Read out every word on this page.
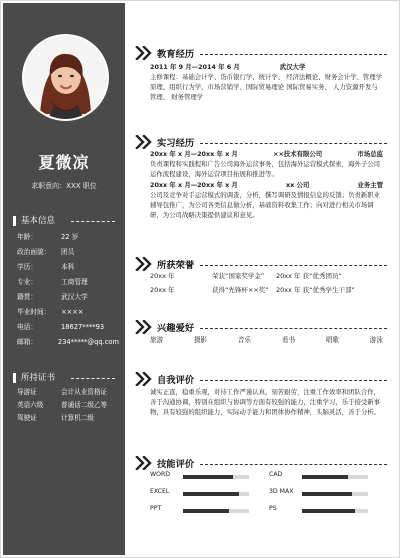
夏微凉
求职意向：XXX 职位
基本信息
年龄：	22 岁
政治面貌：	团员
学历：	本科
专业：	工商管理
籍贯：	武汉大学
毕业时间：	××××
电话：	18627****93
邮箱：	234*****@qq.com
所持证书
导游证	会计从业资格证
英语六级	普通话二级乙等
驾驶证	计算机二级
教育经历
2011 年 9 月—2014 年 6 月	武汉大学
主修课程：基础会计学、货币银行学、统计学、 经济法概论、财务会计学、管理学原理、组织行为学、市场营销学、国际贸易理论 国际贸易实务、 人力资源开发与管理、 财务管理学
实习经历
20xx 年 x 月—20xx 年 x 月	××技术有限公司	市场总监
负责课程和实践程和广告公司海外运营事务，包括海外运营模式探索，海外子公司运作流程建设，海外运营项目拓展和推进等。
20xx 年 x 月—20xx 年 x 月	xx 公司	业务主管
公司及竞争对手运营模式的调查，分析，撰写调研及情报信息的反馈；负责新职业辅导包推广，为公司各类信息做分析，基础资料收集工作；向对进行相关市场调研，为公司战略决策提供建议和意见。
所获荣誉
20xx 年	荣获“国家奖学金”	20xx 年 获“优秀团员”
20xx 年	获得“先锋杯××奖”	20xx 年 获“优秀学生干部”
兴趣爱好
旅游	摄影	音乐	看书	唱歌	游泳
自我评价
诚实正直，稳重乐观，对待工作严谨认真，刻苦耐劳，注重工作效率和团队合作，善于沟通协调，特别在组织与协调等方面有较强的能力，注重学习，乐于接受新事物，具有较强的组织能力，实际动手能力和团体协作精神，头脑灵活，善于分析。
技能评价
WORD	CAD
EXCEL	3D MAX
PPT	PS
